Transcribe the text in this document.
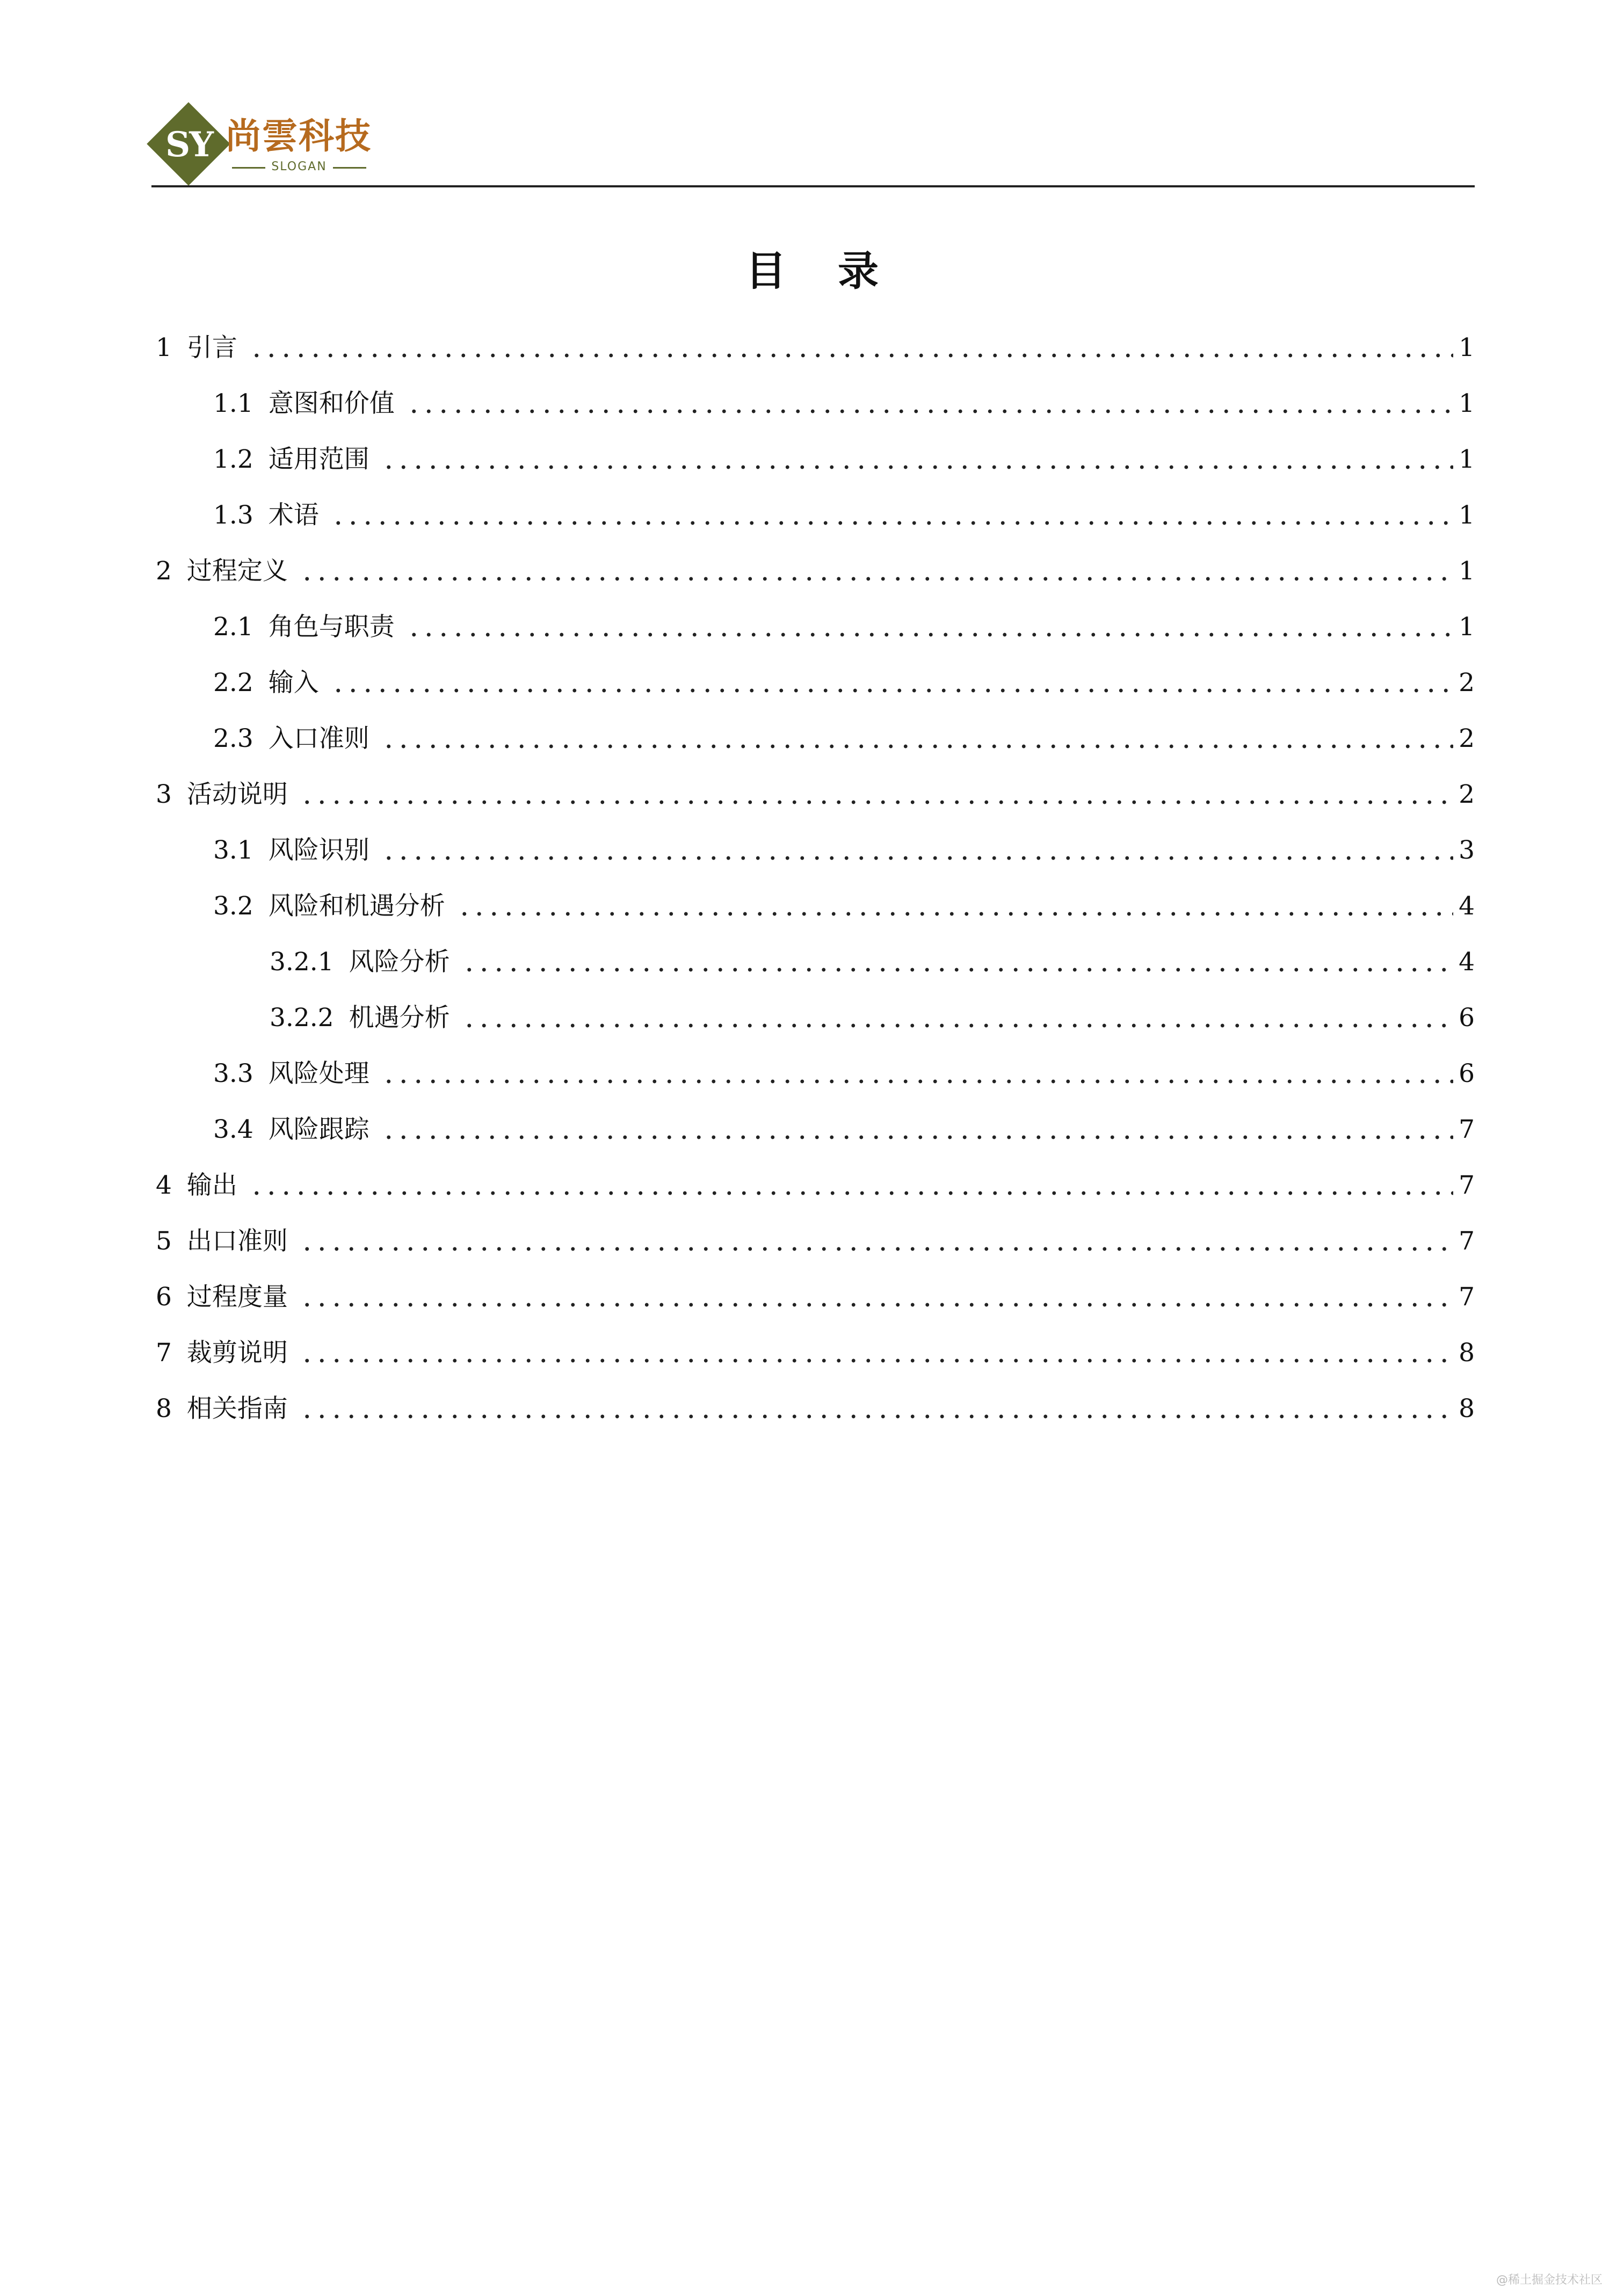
SY 尚雲科技
SLOGAN
目录
1 引言	1
1.1 意图和价值	1
1.2 适用范围	1
1.3 术语	1
2 过程定义	1
2.1 角色与职责	1
2.2 输入	2
2.3 入口准则	2
3 活动说明	2
3.1 风险识别	3
3.2 风险和机遇分析	4
3.2.1 风险分析	4
3.2.2 机遇分析	6
3.3 风险处理	6
3.4 风险跟踪	7
4 输出	7
5 出口准则	7
6 过程度量	7
7 裁剪说明	8
8 相关指南	8
@稀土掘金技术社区
